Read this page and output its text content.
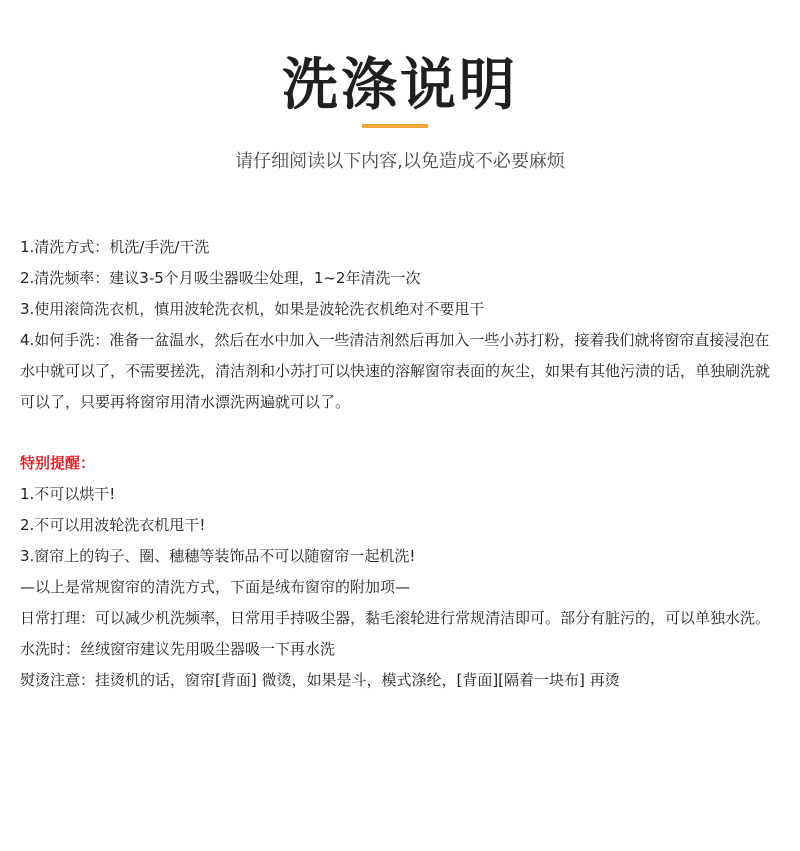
洗涤说明
请仔细阅读以下内容,以免造成不必要麻烦

1.清洗方式：机洗/手洗/干洗

2.清洗频率：建议3-5个月吸尘器吸尘处理，1~2年清洗一次

3.使用滚筒洗衣机，慎用波轮洗衣机，如果是波轮洗衣机绝对不要甩干

4.如何手洗：准备一盆温水，然后在水中加入一些清洁剂然后再加入一些小苏打粉，接着我们就将窗帘直接浸泡在水中就可以了，不需要搓洗，清洁剂和小苏打可以快速的溶解窗帘表面的灰尘，如果有其他污渍的话，单独刷洗就可以了，只要再将窗帘用清水漂洗两遍就可以了。

特别提醒：

1.不可以烘干!

2.不可以用波轮洗衣机甩干!

3.窗帘上的钩子、圈、穗穗等装饰品不可以随窗帘一起机洗!

—以上是常规窗帘的清洗方式，下面是绒布窗帘的附加项—

日常打理：可以减少机洗频率，日常用手持吸尘器，黏毛滚轮进行常规清洁即可。部分有脏污的，可以单独水洗。

水洗时：丝绒窗帘建议先用吸尘器吸一下再水洗

熨烫注意：挂烫机的话，窗帘[背面] 微烫，如果是斗，模式涤纶，[背面][隔着一块布] 再烫
